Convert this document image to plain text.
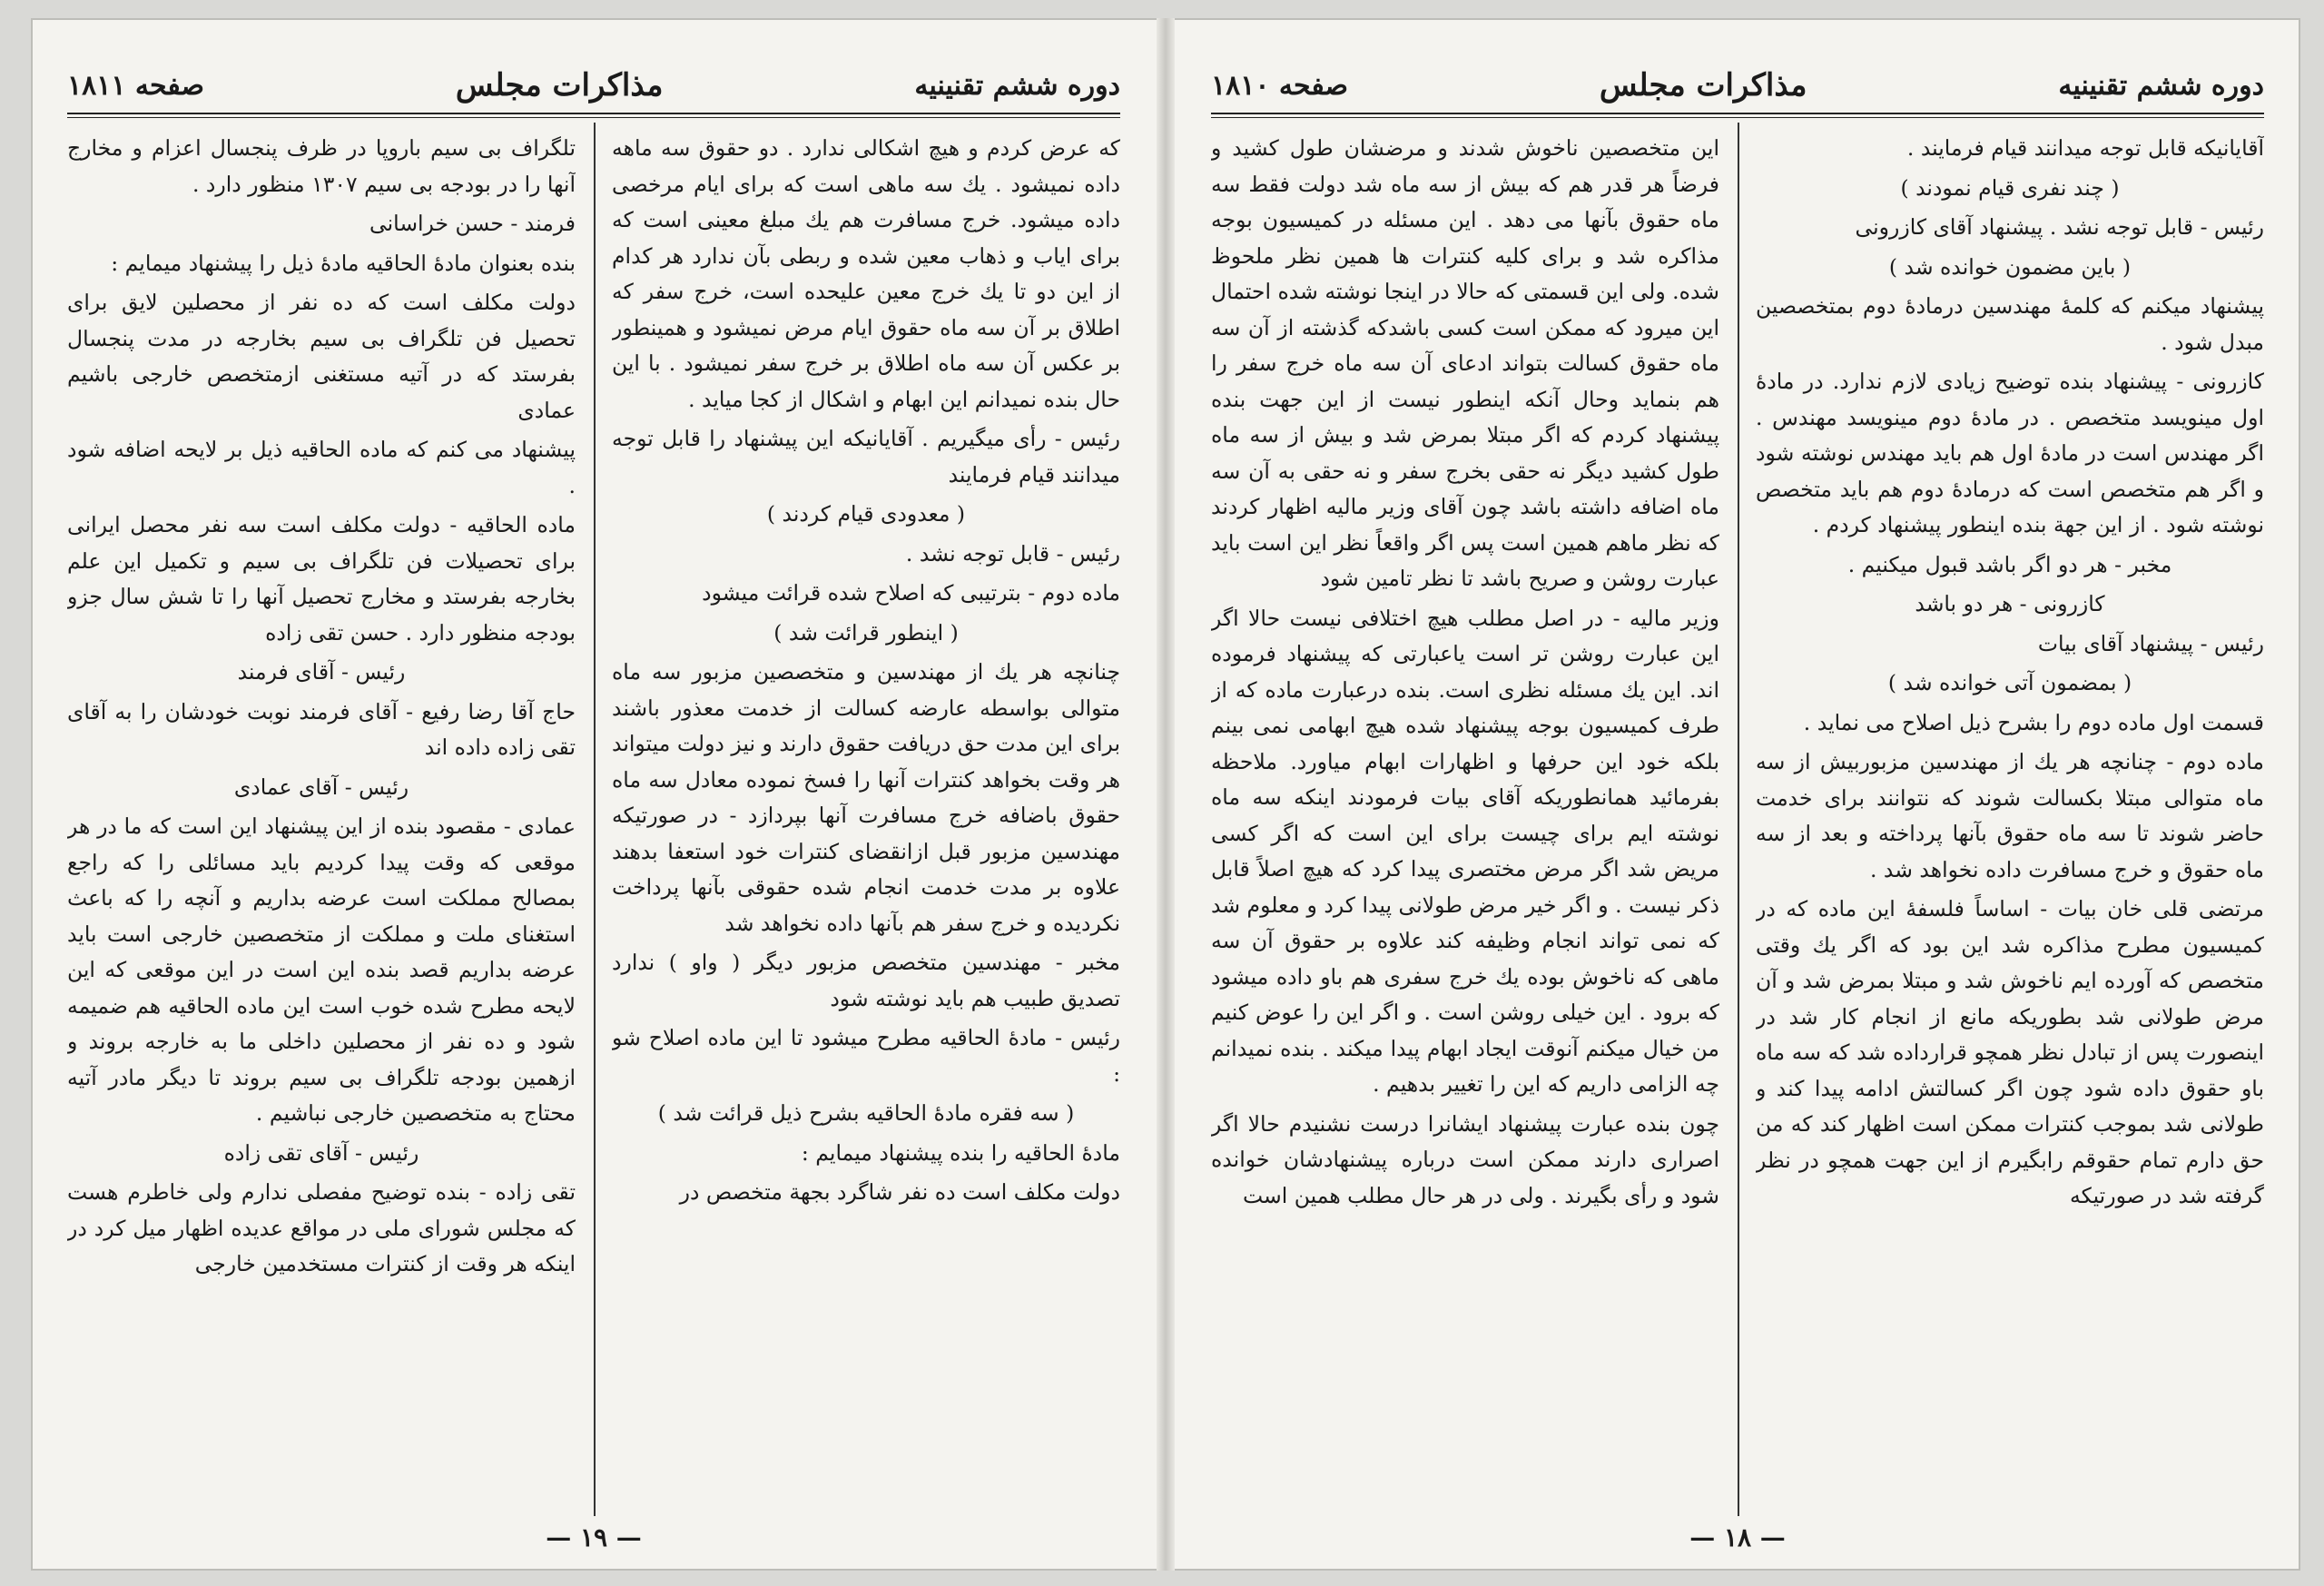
دوره ششم تقنینیه
مذاکرات مجلس
صفحه ۱۸۱۱

که عرض کردم و هیچ اشکالی ندارد . دو حقوق سه ماهه داده نمیشود . یك سه ماهی است که برای ایام مرخصی داده میشود. خرج مسافرت هم یك مبلغ معینی است که برای ایاب و ذهاب معین شده و ربطی بآن ندارد هر کدام از این دو تا یك خرج معین علیحده است، خرج سفر که اطلاق بر آن سه ماه حقوق ایام مرض نمیشود و همینطور بر عکس آن سه ماه اطلاق بر خرج سفر نمیشود . با این حال بنده نمیدانم این ابهام و اشکال از کجا میاید .

رئیس - رأی میگیریم . آقایانیکه این پیشنهاد را قابل توجه میدانند قیام فرمایند

( معدودی قیام کردند )

رئیس - قابل توجه نشد .

ماده دوم - بترتیبی که اصلاح شده قرائت میشود

( اینطور قرائت شد )

چنانچه هر یك از مهندسین و متخصصین مزبور سه ماه متوالی بواسطه عارضه کسالت از خدمت معذور باشند برای این مدت حق دریافت حقوق دارند و نیز دولت میتواند هر وقت بخواهد کنترات آنها را فسخ نموده معادل سه ماه حقوق باضافه خرج مسافرت آنها بپردازد - در صورتیکه مهندسین مزبور قبل ازانقضای کنترات خود استعفا بدهند علاوه بر مدت خدمت انجام شده حقوقی بآنها پرداخت نکردیده و خرج سفر هم بآنها داده نخواهد شد

مخبر - مهندسین متخصص مزبور دیگر ( واو ) ندارد تصدیق طبیب هم باید نوشته شود

رئیس - مادهٔ الحاقیه مطرح میشود تا این ماده اصلاح شو :

( سه فقره مادهٔ الحاقیه بشرح ذیل قرائت شد )

مادهٔ الحاقیه را بنده پیشنهاد میمایم :

دولت مکلف است ده نفر شاگرد بجهة متخصص در

تلگراف بی سیم باروپا در ظرف پنجسال اعزام و مخارج آنها را در بودجه بی سیم ۱۳۰۷ منظور دارد .

فرمند - حسن خراسانی

بنده بعنوان مادهٔ الحاقیه مادهٔ ذیل را پیشنهاد میمایم :

دولت مکلف است که ده نفر از محصلین لایق برای تحصیل فن تلگراف بی سیم بخارجه در مدت پنجسال بفرستد که در آتیه مستغنی ازمتخصص خارجی باشیم عمادی

پیشنهاد می کنم که ماده الحاقیه ذیل بر لایحه اضافه شود .

ماده الحاقیه - دولت مکلف است سه نفر محصل ایرانی برای تحصیلات فن تلگراف بی سیم و تکمیل این علم بخارجه بفرستد و مخارج تحصیل آنها را تا شش سال جزو بودجه منظور دارد . حسن تقی زاده

رئیس - آقای فرمند

حاج آقا رضا رفیع - آقای فرمند نوبت خودشان را به آقای تقی زاده داده اند

رئیس - آقای عمادی

عمادی - مقصود بنده از این پیشنهاد این است که ما در هر موقعی که وقت پیدا کردیم باید مسائلی را که راجع بمصالح مملکت است عرضه بداریم و آنچه را که باعث استغنای ملت و مملکت از متخصصین خارجی است باید عرضه بداریم قصد بنده این است در این موقعی که این لایحه مطرح شده خوب است این ماده الحاقیه هم ضمیمه شود و ده نفر از محصلین داخلی ما به خارجه بروند و ازهمین بودجه تلگراف بی سیم بروند تا دیگر مادر آتیه محتاج به متخصصین خارجی نباشیم .

رئیس - آقای تقی زاده

تقی زاده - بنده توضیح مفصلی ندارم ولی خاطرم هست که مجلس شورای ملی در مواقع عدیده اظهار میل کرد در اینکه هر وقت از کنترات مستخدمین خارجی

— ۱۹ —
دوره ششم تقنینیه
مذاکرات مجلس
صفحه ۱۸۱۰

آقایانیکه قابل توجه میدانند قیام فرمایند .

( چند نفری قیام نمودند )

رئیس - قابل توجه نشد . پیشنهاد آقای کازرونی

( باین مضمون خوانده شد )

پیشنهاد میکنم که کلمهٔ مهندسین درمادهٔ دوم بمتخصصین مبدل شود .

کازرونی - پیشنهاد بنده توضیح زیادی لازم ندارد. در مادهٔ اول مینویسد متخصص . در مادهٔ دوم مینویسد مهندس . اگر مهندس است در مادهٔ اول هم باید مهندس نوشته شود و اگر هم متخصص است که درمادهٔ دوم هم باید متخصص نوشته شود . از این جهة بنده اینطور پیشنهاد کردم .

مخبر - هر دو اگر باشد قبول میکنیم .

کازرونی - هر دو باشد

رئیس - پیشنهاد آقای بیات

( بمضمون آتی خوانده شد )

قسمت اول ماده دوم را بشرح ذیل اصلاح می نماید .

ماده دوم - چنانچه هر یك از مهندسین مزبوربیش از سه ماه متوالی مبتلا بکسالت شوند که نتوانند برای خدمت حاضر شوند تا سه ماه حقوق بآنها پرداخته و بعد از سه ماه حقوق و خرج مسافرت داده نخواهد شد .

مرتضی قلی خان بیات - اساساً فلسفهٔ این ماده که در کمیسیون مطرح مذاکره شد این بود که اگر یك وقتی متخصص که آورده ایم ناخوش شد و مبتلا بمرض شد و آن مرض طولانی شد بطوریکه مانع از انجام کار شد در اینصورت پس از تبادل نظر همچو قرارداده شد که سه ماه باو حقوق داده شود چون اگر کسالتش ادامه پیدا کند و طولانی شد بموجب کنترات ممکن است اظهار کند که من حق دارم تمام حقوقم رابگیرم از این جهت همچو در نظر گرفته شد در صورتیکه

این متخصصین ناخوش شدند و مرضشان طول کشید و فرضاً هر قدر هم که بیش از سه ماه شد دولت فقط سه ماه حقوق بآنها می دهد . این مسئله در کمیسیون بوجه مذاکره شد و برای کلیه کنترات ها همین نظر ملحوظ شده. ولی این قسمتی که حالا در اینجا نوشته شده احتمال این میرود که ممکن است کسی باشدکه گذشته از آن سه ماه حقوق کسالت بتواند ادعای آن سه ماه خرج سفر را هم بنماید وحال آنکه اینطور نیست از این جهت بنده پیشنهاد کردم که اگر مبتلا بمرض شد و بیش از سه ماه طول کشید دیگر نه حقی بخرج سفر و نه حقی به آن سه ماه اضافه داشته باشد چون آقای وزیر مالیه اظهار کردند که نظر ماهم همین است پس اگر واقعاً نظر این است باید عبارت روشن و صریح باشد تا نظر تامین شود

وزیر مالیه - در اصل مطلب هیچ اختلافی نیست حالا اگر این عبارت روشن تر است یاعبارتی که پیشنهاد فرموده اند. این یك مسئله نظری است. بنده درعبارت ماده که از طرف کمیسیون بوجه پیشنهاد شده هیچ ابهامی نمی بینم بلکه خود این حرفها و اظهارات ابهام میاورد. ملاحظه بفرمائید همانطوریکه آقای بیات فرمودند اینکه سه ماه نوشته ایم برای چیست برای این است که اگر کسی مریض شد اگر مرض مختصری پیدا کرد که هیچ اصلاً قابل ذکر نیست . و اگر خیر مرض طولانی پیدا کرد و معلوم شد که نمی تواند انجام وظیفه کند علاوه بر حقوق آن سه ماهی که ناخوش بوده یك خرج سفری هم باو داده میشود که برود . این خیلی روشن است . و اگر این را عوض کنیم من خیال میکنم آنوقت ایجاد ابهام پیدا میکند . بنده نمیدانم چه الزامی داریم که این را تغییر بدهیم .

چون بنده عبارت پیشنهاد ایشانرا درست نشنیدم حالا اگر اصراری دارند ممکن است درباره پیشنهادشان خوانده شود و رأی بگیرند . ولی در هر حال مطلب همین است

— ۱۸ —
